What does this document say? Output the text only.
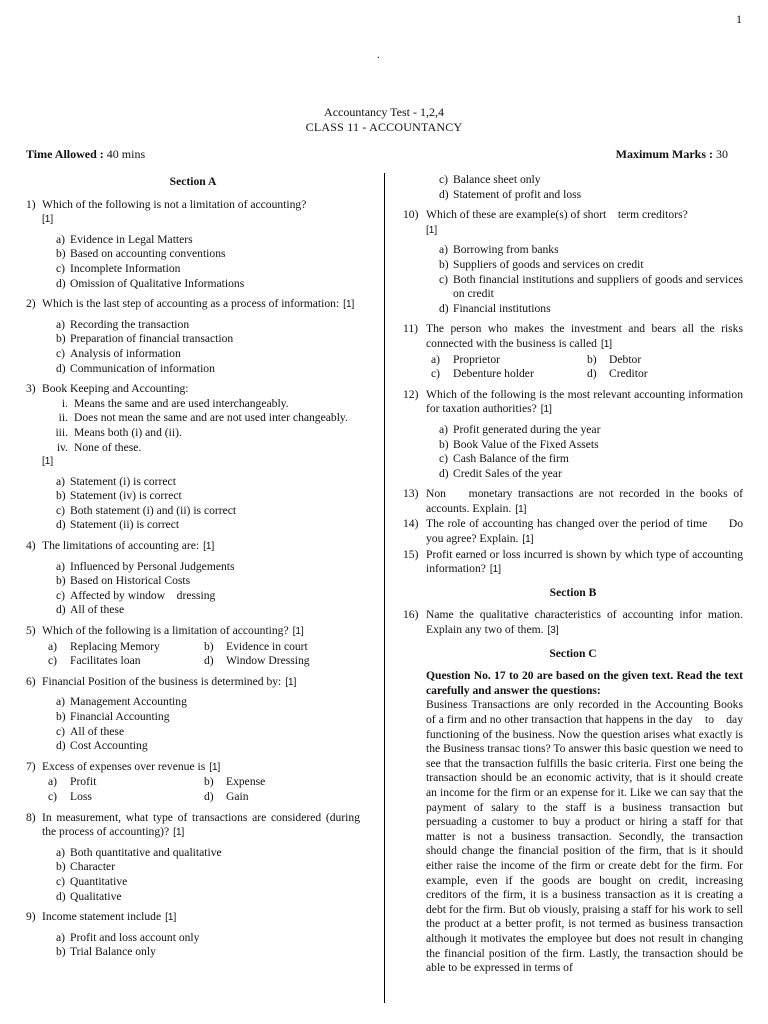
1
.
Accountancy Test - 1,2,4
CLASS 11 - ACCOUNTANCY
Time Allowed : 40 mins	Maximum Marks : 30
Section A
1) Which of the following is not a limitation of accounting?
[1]
a) Evidence in Legal Matters
b) Based on accounting conventions
c) Incomplete Information
d) Omission of Qualitative Informations
2) Which is the last step of accounting as a process of information: [1]
a) Recording the transaction
b) Preparation of financial transaction
c) Analysis of information
d) Communication of information
3) Book Keeping and Accounting:
i. Means the same and are used interchangeably.
ii. Does not mean the same and are not used inter changeably.
iii. Means both (i) and (ii).
iv. None of these.
[1]
a) Statement (i) is correct
b) Statement (iv) is correct
c) Both statement (i) and (ii) is correct
d) Statement (ii) is correct
4) The limitations of accounting are: [1]
a) Influenced by Personal Judgements
b) Based on Historical Costs
c) Affected by window    dressing
d) All of these
5) Which of the following is a limitation of accounting? [1]
a)	Replacing Memory	b)	Evidence in court
c)	Facilitates loan	d)	Window Dressing
6) Financial Position of the business is determined by: [1]
a) Management Accounting
b) Financial Accounting
c) All of these
d) Cost Accounting
7) Excess of expenses over revenue is [1]
a)	Profit	b)	Expense
c)	Loss	d)	Gain
8) In measurement, what type of transactions are considered (during the process of accounting)? [1]
a) Both quantitative and qualitative
b) Character
c) Quantitative
d) Qualitative
9) Income statement include [1]
a) Profit and loss account only
b) Trial Balance only
c) Balance sheet only
d) Statement of profit and loss
10) Which of these are example(s) of short    term creditors?
[1]
a) Borrowing from banks
b) Suppliers of goods and services on credit
c) Both financial institutions and suppliers of goods and services on credit
d) Financial institutions
11) The person who makes the investment and bears all the risks connected with the business is called [1]
a)	Proprietor	b)	Debtor
c)	Debenture holder	d)	Creditor
12) Which of the following is the most relevant accounting information for taxation authorities? [1]
a) Profit generated during the year
b) Book Value of the Fixed Assets
c) Cash Balance of the firm
d) Credit Sales of the year
13) Non    monetary transactions are not recorded in the books of accounts. Explain. [1]
14) The role of accounting has changed over the period of time      Do you agree? Explain. [1]
15) Profit earned or loss incurred is shown by which type of accounting information? [1]
Section B
16) Name the qualitative characteristics of accounting infor mation. Explain any two of them. [3]
Section C
Question No. 17 to 20 are based on the given text. Read the text carefully and answer the questions:
Business Transactions are only recorded in the Accounting Books of a firm and no other transaction that happens in the day    to    day functioning of the business. Now the question arises what exactly is the Business transac tions? To answer this basic question we need to see that the transaction fulfills the basic criteria. First one being the transaction should be an economic activity, that is it should create an income for the firm or an expense for it. Like we can say that the payment of salary to the staff is a business transaction but persuading a customer to buy a product or hiring a staff for that matter is not a business transaction. Secondly, the transaction should change the financial position of the firm, that is it should either raise the income of the firm or create debt for the firm. For example, even if the goods are bought on credit, increasing creditors of the firm, it is a business transaction as it is creating a debt for the firm. But ob viously, praising a staff for his work to sell the product at a better profit, is not termed as business transaction although it motivates the employee but does not result in changing the financial position of the firm. Lastly, the transaction should be able to be expressed in terms of
